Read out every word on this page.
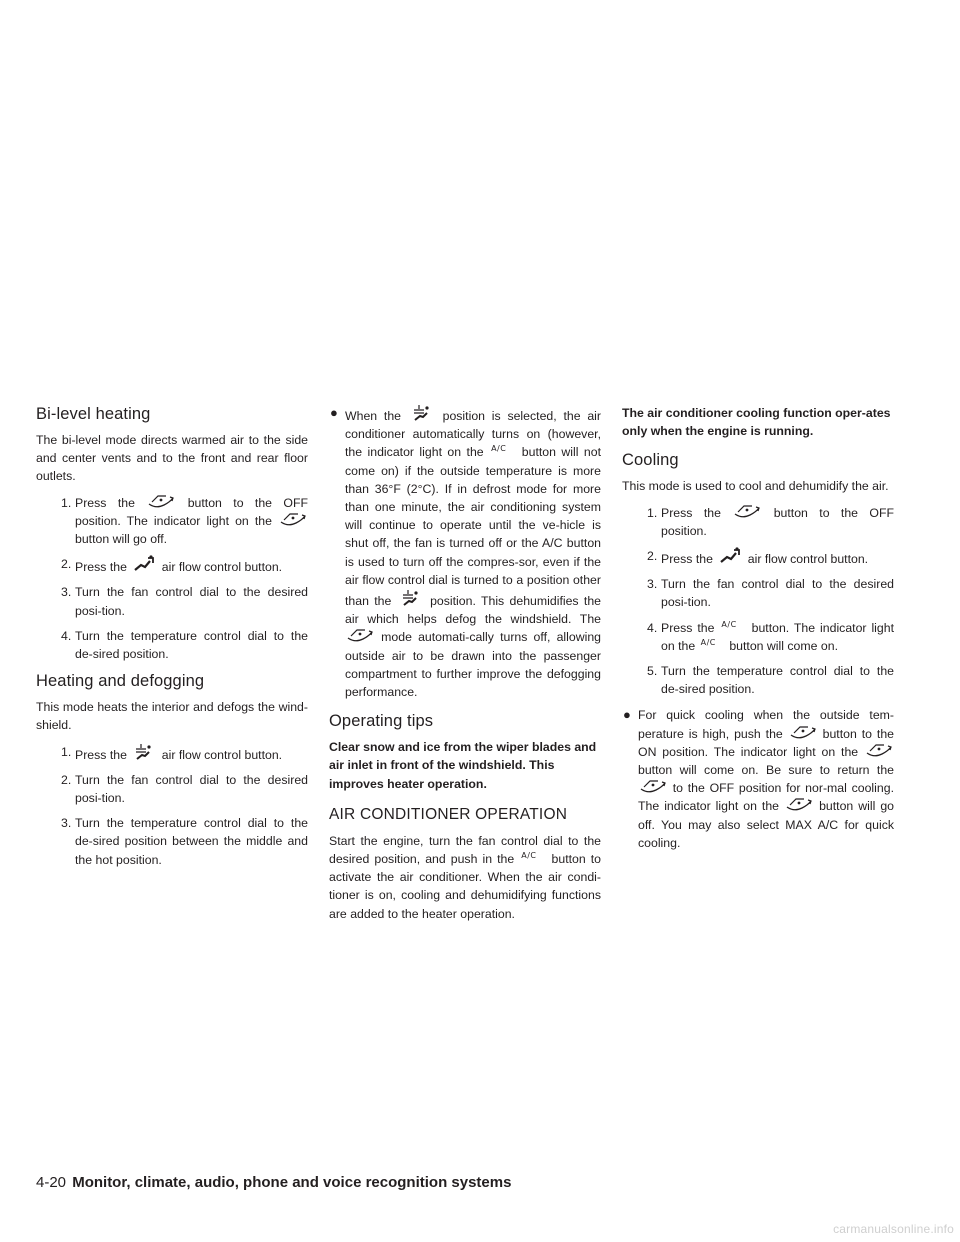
Bi-level heating

The bi-level mode directs warmed air to the side and center vents and to the front and rear floor outlets.

1. Press the	button to the OFF position. The indicator light on the
button will go off.
2. Press the	air flow control button.
3. Turn the fan control dial to the desired posi-tion.
4. Turn the temperature control dial to the de-sired position.
Heating and defogging

This mode heats the interior and defogs the wind-shield.

1. Press the	air flow control button.
2. Turn the fan control dial to the desired posi-tion.
3. Turn the temperature control dial to the de-sired position between the middle and the hot position.
● When the	position is selected, the air conditioner automatically turns on (however, the indicator light on the A/C button will not come on) if the outside temperature is more than 36°F (2°C). If in defrost mode for more than one minute, the air conditioning system will continue to operate until the ve-hicle is shut off, the fan is turned off or the A/C button is used to turn off the compres-sor, even if the air flow control dial is turned to a position other than the	position. This dehumidifies the air which helps defog the windshield. The
mode automati-cally turns off, allowing outside air to be drawn into the passenger compartment to further improve the defogging performance.
Operating tips

Clear snow and ice from the wiper blades and air inlet in front of the windshield. This improves heater operation.

AIR CONDITIONER OPERATION

Start the engine, turn the fan control dial to the desired position, and push in the A/C button to activate the air conditioner. When the air condi-tioner is on, cooling and dehumidifying functions are added to the heater operation.

The air conditioner cooling function oper-ates only when the engine is running.

Cooling

This mode is used to cool and dehumidify the air.

1. Press the	button to the OFF position.
2. Press the	air flow control button.
3. Turn the fan control dial to the desired posi-tion.
4. Press the A/C button. The indicator light on the A/C button will come on.
5. Turn the temperature control dial to the de-sired position.
● For quick cooling when the outside tem-perature is high, push the	button to the ON position. The indicator light on the
button will come on. Be sure to return the
to the OFF position for nor-mal cooling. The indicator light on the	button will go off. You may also select MAX A/C for quick cooling.
4-20 Monitor, climate, audio, phone and voice recognition systems
carmanualsonline.info
